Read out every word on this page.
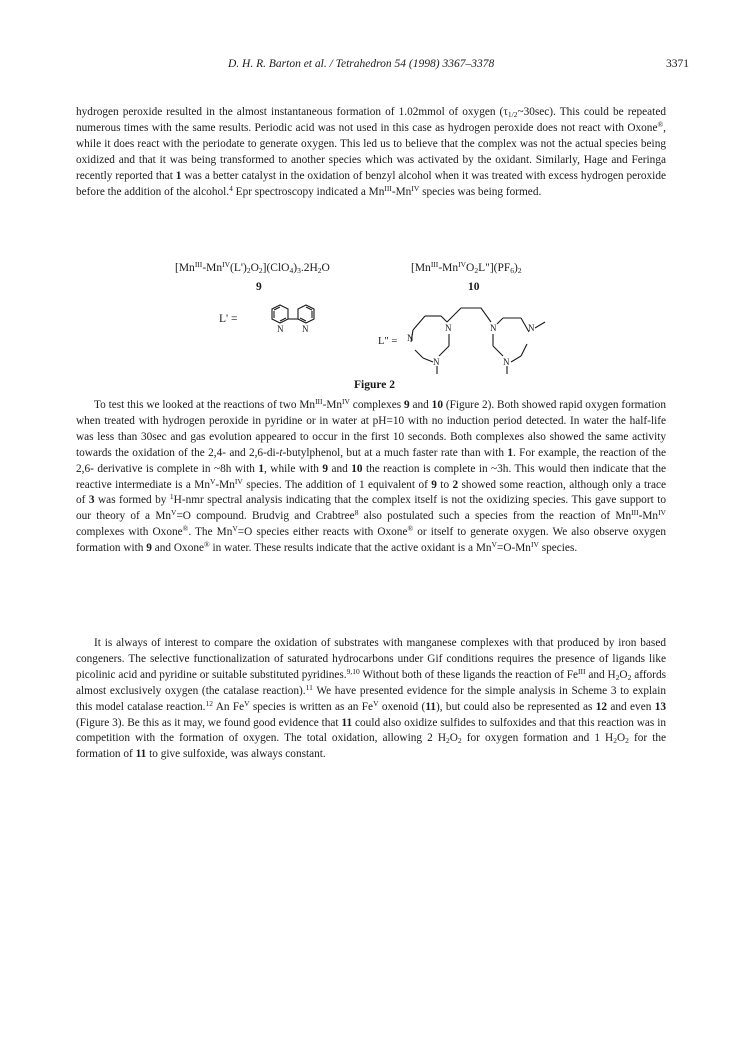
D. H. R. Barton et al. / Tetrahedron 54 (1998) 3367–3378	3371

hydrogen peroxide resulted in the almost instantaneous formation of 1.02mmol of oxygen $(\tau_{1/2}\sim 30\sec)$. This could be repeated numerous times with the same results. Periodic acid was not used in this case as hydrogen peroxide does not react with Oxone®, while it does react with the periodate to generate oxygen. This led us to believe that the complex was not the actual species being oxidized and that it was being transformed to another species which was activated by the oxidant. Similarly, Hage and Feringa recently reported that 1 was a better catalyst in the oxidation of benzyl alcohol when it was treated with excess hydrogen peroxide before the addition of the alcohol.$^4$ Epr spectroscopy indicated a $Mn^{III}-Mn^{IV}$ species was being formed.

$[Mn^{III}-Mn^{IV}(L')_2O_2](ClO_4)_3.2H_2O$
9
$[Mn^{III}-Mn^{IV}O_2L"](PF_6)_2$
10
L' =
N N
N
N
N
N	N
N
L" =
Figure 2

To test this we looked at the reactions of two $Mn^{III}-Mn^{IV}$ complexes 9 and 10 (Figure 2). Both showed rapid oxygen formation when treated with hydrogen peroxide in pyridine or in water at pH=10 with no induction period detected. In water the half-life was less than 30sec and gas evolution appeared to occur in the first 10 seconds. Both complexes also showed the same activity towards the oxidation of the 2,4- and 2,6-di-t-butylphenol, but at a much faster rate than with 1. For example, the reaction of the 2,6- derivative is complete in ~8h with 1, while with 9 and 10 the reaction is complete in ~3h. This would then indicate that the reactive intermediate is a $Mn^V-Mn^{IV}$ species. The addition of 1 equivalent of 9 to 2 showed some reaction, although only a trace of 3 was formed by $^1$H-nmr spectral analysis indicating that the complex itself is not the oxidizing species. This gave support to our theory of a $Mn^V=O$ compound. Brudvig and Crabtree$^8$ also postulated such a species from the reaction of $Mn^{III}-Mn^{IV}$ complexes with Oxone®. The $Mn^V=O$ species either reacts with Oxone® or itself to generate oxygen. We also observe oxygen formation with 9 and Oxone® in water. These results indicate that the active oxidant is a $Mn^V=O-Mn^{IV}$ species.

It is always of interest to compare the oxidation of substrates with manganese complexes with that produced by iron based congeners. The selective functionalization of saturated hydrocarbons under Gif conditions requires the presence of ligands like picolinic acid and pyridine or suitable substituted pyridines.$^{9,10}$ Without both of these ligands the reaction of $Fe^{III}$ and $H_2O_2$ affords almost exclusively oxygen (the catalase reaction).$^{11}$ We have presented evidence for the simple analysis in Scheme 3 to explain this model catalase reaction.$^{12}$ An $Fe^V$ species is written as an $Fe^V$ oxenoid (11), but could also be represented as 12 and even 13 (Figure 3). Be this as it may, we found good evidence that 11 could also oxidize sulfides to sulfoxides and that this reaction was in competition with the formation of oxygen. The total oxidation, allowing 2 $H_2O_2$ for oxygen formation and 1 $H_2O_2$ for the formation of 11 to give sulfoxide, was always constant.
